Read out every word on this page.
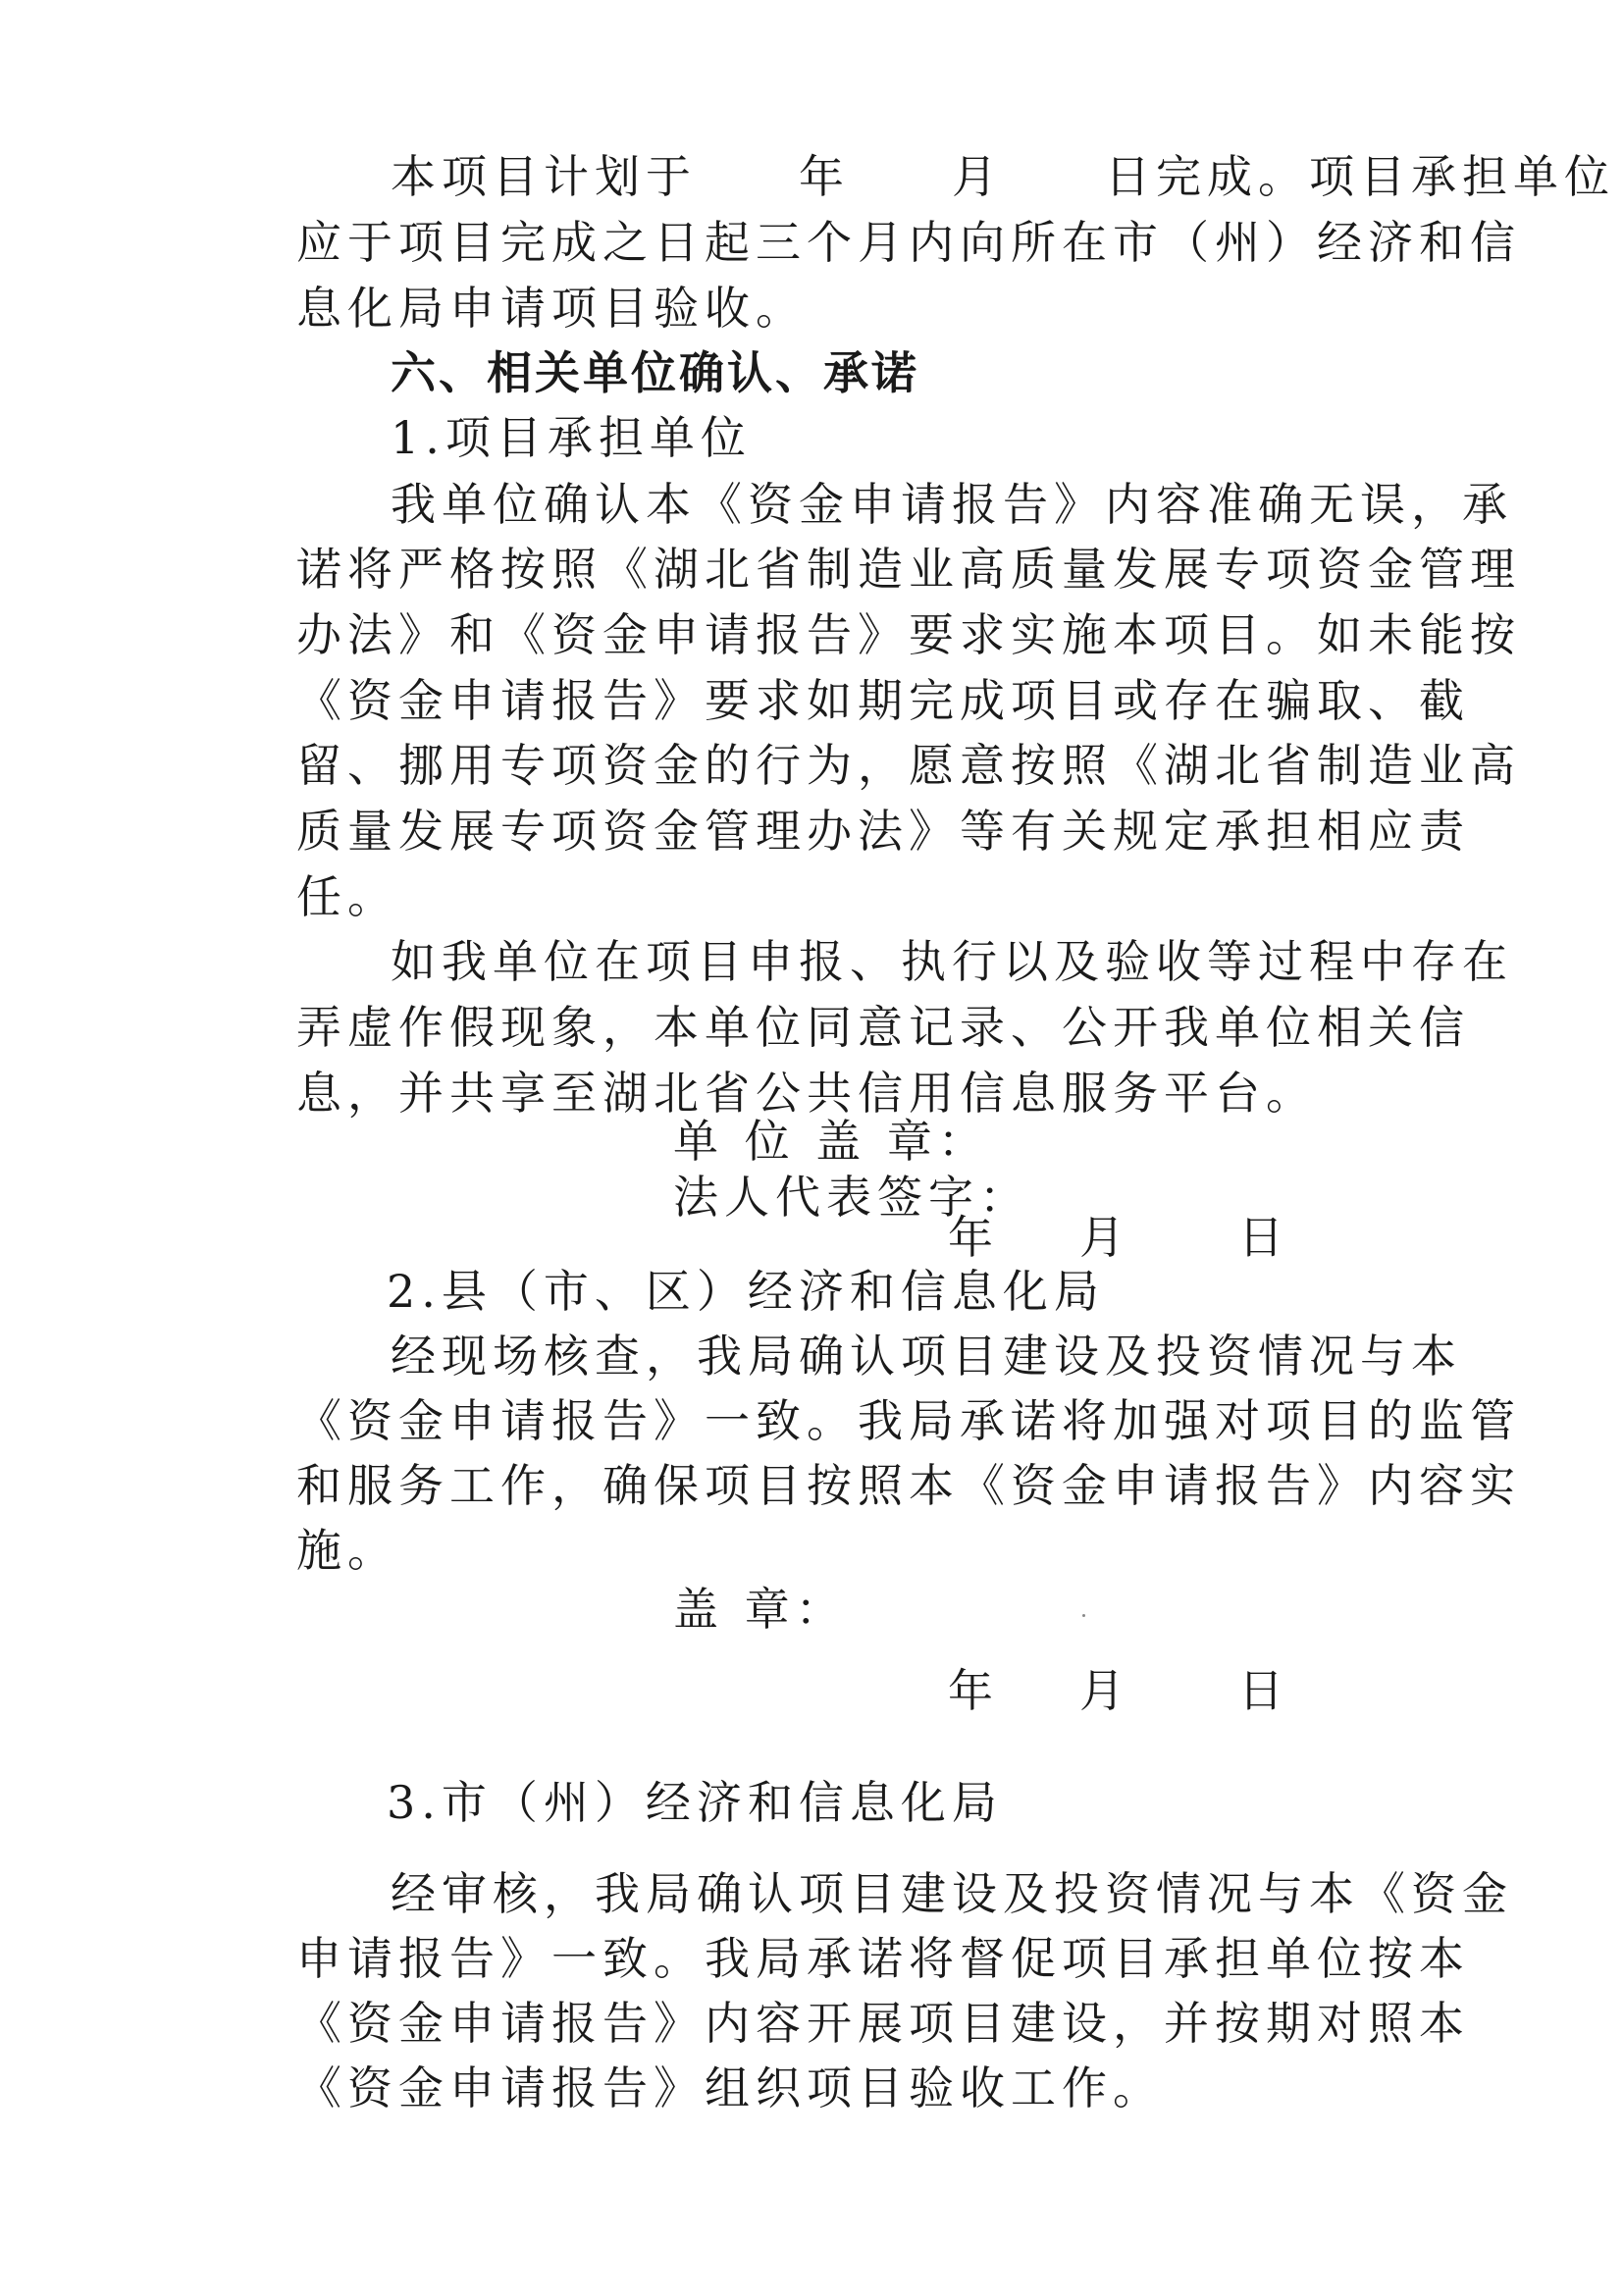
本项目计划于　　年　　月　　日完成。项目承担单位
应于项目完成之日起三个月内向所在市（州）经济和信
息化局申请项目验收。
六、相关单位确认、承诺
1.项目承担单位
我单位确认本《资金申请报告》内容准确无误，承
诺将严格按照《湖北省制造业高质量发展专项资金管理
办法》和《资金申请报告》要求实施本项目。如未能按
《资金申请报告》要求如期完成项目或存在骗取、截
留、挪用专项资金的行为，愿意按照《湖北省制造业高
质量发展专项资金管理办法》等有关规定承担相应责
任。
如我单位在项目申报、执行以及验收等过程中存在
弄虚作假现象，本单位同意记录、公开我单位相关信
息，并共享至湖北省公共信用信息服务平台。
法人代表签字：
单 位 盖 章：
年 月 日
2.县（市、区）经济和信息化局
经现场核查，我局确认项目建设及投资情况与本
《资金申请报告》一致。我局承诺将加强对项目的监管
和服务工作，确保项目按照本《资金申请报告》内容实
施。
盖 章：
年 月 日
3.市（州）经济和信息化局
经审核，我局确认项目建设及投资情况与本《资金
申请报告》一致。我局承诺将督促项目承担单位按本
《资金申请报告》内容开展项目建设，并按期对照本
《资金申请报告》组织项目验收工作。
